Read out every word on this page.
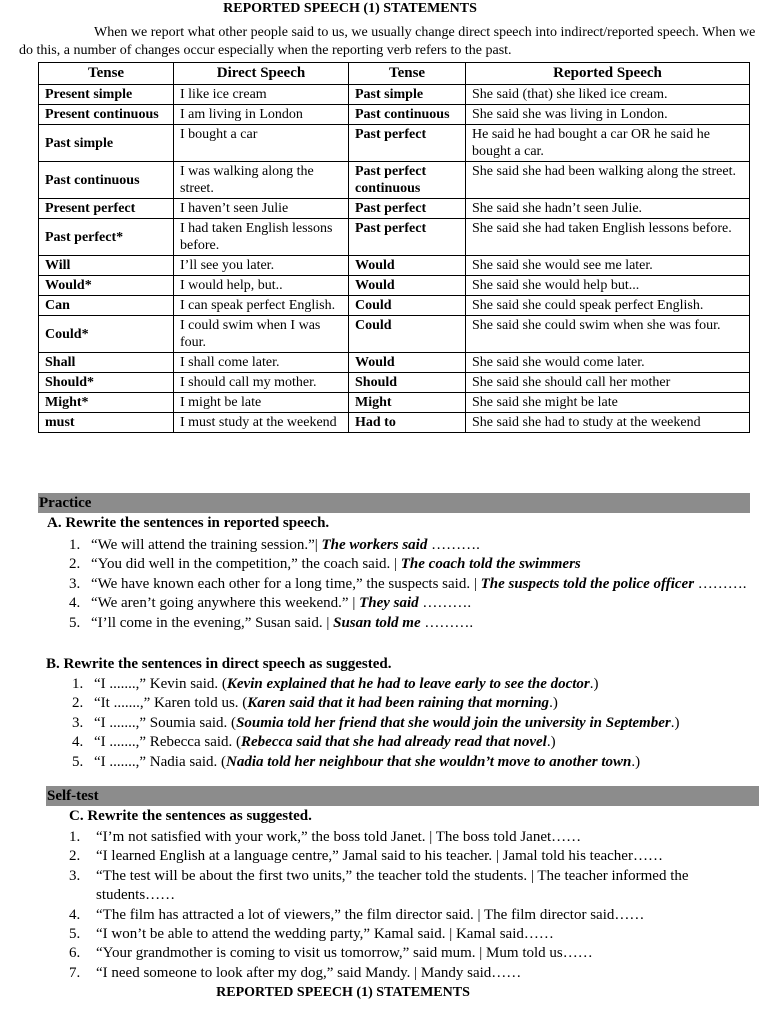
REPORTED SPEECH (1) STATEMENTS
When we report what other people said to us, we usually change direct speech into indirect/reported speech. When we do this, a number of changes occur especially when the reporting verb refers to the past.
Tense	Direct Speech	Tense	Reported Speech
Present simple	I like ice cream	Past simple	She said (that) she liked ice cream.
Present continuous	I am living in London	Past continuous	She said she was living in London.
Past simple	I bought a car	Past perfect	He said he had bought a car OR he said he bought a car.
Past continuous	I was walking along the street.	Past perfect continuous	She said she had been walking along the street.
Present perfect	I haven’t seen Julie	Past perfect	She said she hadn’t seen Julie.
Past perfect*	I had taken English lessons before.	Past perfect	She said she had taken English lessons before.
Will	I’ll see you later.	Would	She said she would see me later.
Would*	I would help, but..	Would	She said she would help but...
Can	I can speak perfect English.	Could	She said she could speak perfect English.
Could*	I could swim when I was four.	Could	She said she could swim when she was four.
Shall	I shall come later.	Would	She said she would come later.
Should*	I should call my mother.	Should	She said she should call her mother
Might*	I might be late	Might	She said she might be late
must	I must study at the weekend	Had to	She said she had to study at the weekend
Practice
A. Rewrite the sentences in reported speech.
1. “We will attend the training session.”| The workers said ……….
2. “You did well in the competition,” the coach said. | The coach told the swimmers
3. “We have known each other for a long time,” the suspects said. | The suspects told the police officer ……….
4. “We aren’t going anywhere this weekend.” | They said ……….
5. “I’ll come in the evening,” Susan said. | Susan told me ……….
B. Rewrite the sentences in direct speech as suggested.
1. “I .......,” Kevin said. (Kevin explained that he had to leave early to see the doctor.)
2. “It .......,” Karen told us. (Karen said that it had been raining that morning.)
3. “I .......,” Soumia said. (Soumia told her friend that she would join the university in September.)
4. “I .......,” Rebecca said. (Rebecca said that she had already read that novel.)
5. “I .......,” Nadia said. (Nadia told her neighbour that she wouldn’t move to another town.)
Self-test
C. Rewrite the sentences as suggested.
1. “I’m not satisfied with your work,” the boss told Janet. | The boss told Janet……
2. “I learned English at a language centre,” Jamal said to his teacher. | Jamal told his teacher……
3. “The test will be about the first two units,” the teacher told the students. | The teacher informed the students……
4. “The film has attracted a lot of viewers,” the film director said. | The film director said……
5. “I won’t be able to attend the wedding party,” Kamal said. | Kamal said……
6. “Your grandmother is coming to visit us tomorrow,” said mum. | Mum told us……
7. “I need someone to look after my dog,” said Mandy. | Mandy said……
REPORTED SPEECH (1) STATEMENTS
